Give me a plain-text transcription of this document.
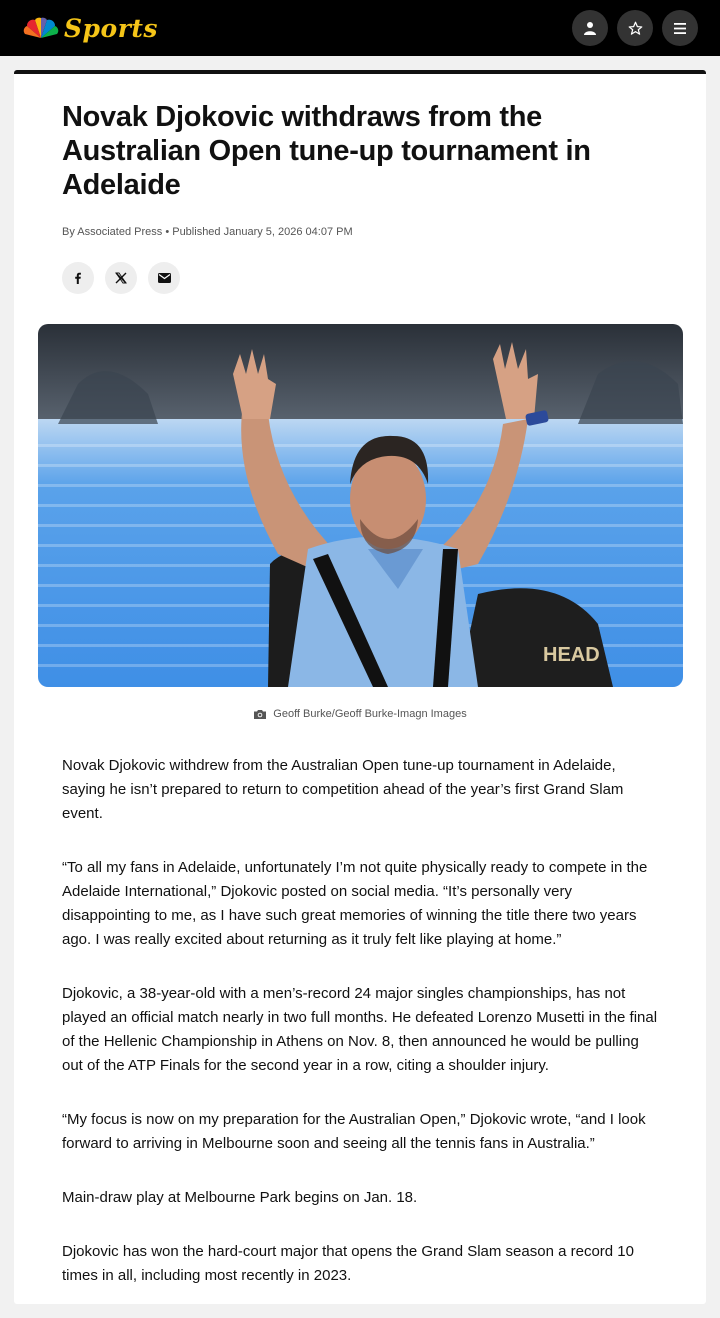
Sports
Novak Djokovic withdraws from the Australian Open tune-up tournament in Adelaide
By Associated Press • Published January 5, 2026 04:07 PM
HEAD
Geoff Burke/Geoff Burke-Imagn Images

Novak Djokovic withdrew from the Australian Open tune-up tournament in Adelaide, saying he isn’t prepared to return to competition ahead of the year’s first Grand Slam event.

“To all my fans in Adelaide, unfortunately I’m not quite physically ready to compete in the Adelaide International,” Djokovic posted on social media. “It’s personally very disappointing to me, as I have such great memories of winning the title there two years ago. I was really excited about returning as it truly felt like playing at home.”

Djokovic, a 38-year-old with a men’s-record 24 major singles championships, has not played an official match nearly in two full months. He defeated Lorenzo Musetti in the final of the Hellenic Championship in Athens on Nov. 8, then announced he would be pulling out of the ATP Finals for the second year in a row, citing a shoulder injury.

“My focus is now on my preparation for the Australian Open,” Djokovic wrote, “and I look forward to arriving in Melbourne soon and seeing all the tennis fans in Australia.”

Main-draw play at Melbourne Park begins on Jan. 18.

Djokovic has won the hard-court major that opens the Grand Slam season a record 10 times in all, including most recently in 2023.
